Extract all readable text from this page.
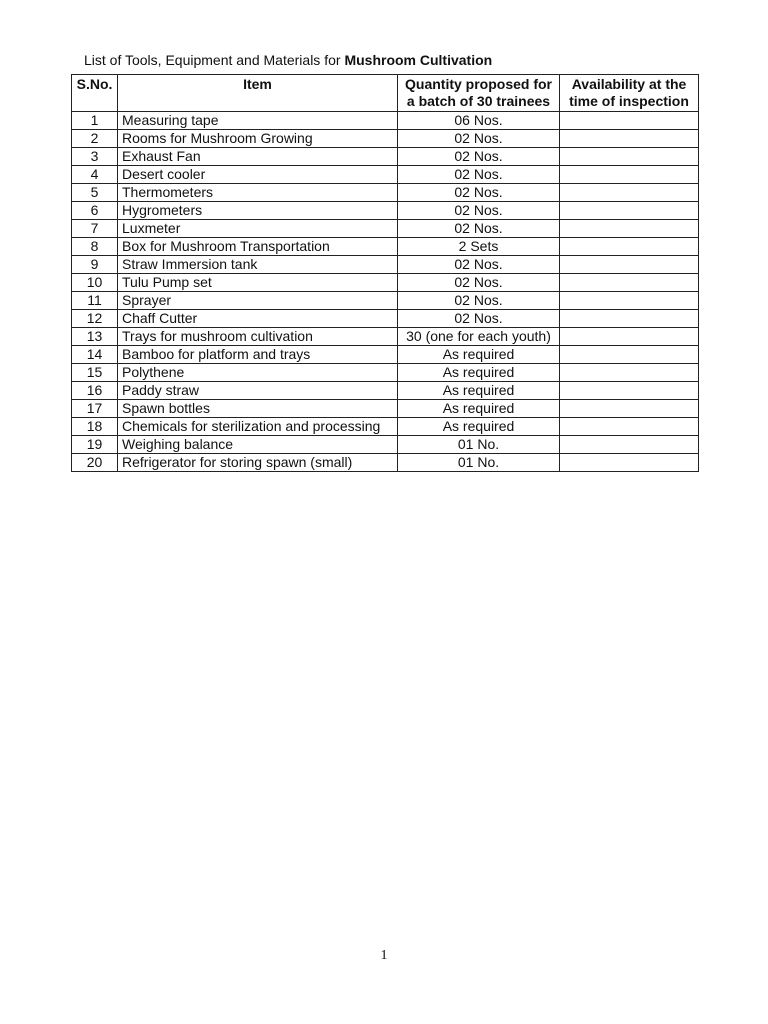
List of Tools, Equipment and Materials for Mushroom Cultivation
S.No.	Item	Quantity proposed for a batch of 30 trainees	Availability at the time of inspection
1	Measuring tape	06 Nos.	
2	Rooms for Mushroom Growing	02 Nos.	
3	Exhaust Fan	02 Nos.	
4	Desert cooler	02 Nos.	
5	Thermometers	02 Nos.	
6	Hygrometers	02 Nos.	
7	Luxmeter	02 Nos.	
8	Box for Mushroom Transportation	2 Sets	
9	Straw Immersion tank	02 Nos.	
10	Tulu Pump set	02 Nos.	
11	Sprayer	02 Nos.	
12	Chaff Cutter	02 Nos.	
13	Trays for mushroom cultivation	30 (one for each youth)	
14	Bamboo for platform and trays	As required	
15	Polythene	As required	
16	Paddy straw	As required	
17	Spawn bottles	As required	
18	Chemicals for sterilization and processing	As required	
19	Weighing balance	01 No.	
20	Refrigerator for storing spawn (small)	01 No.	
1
